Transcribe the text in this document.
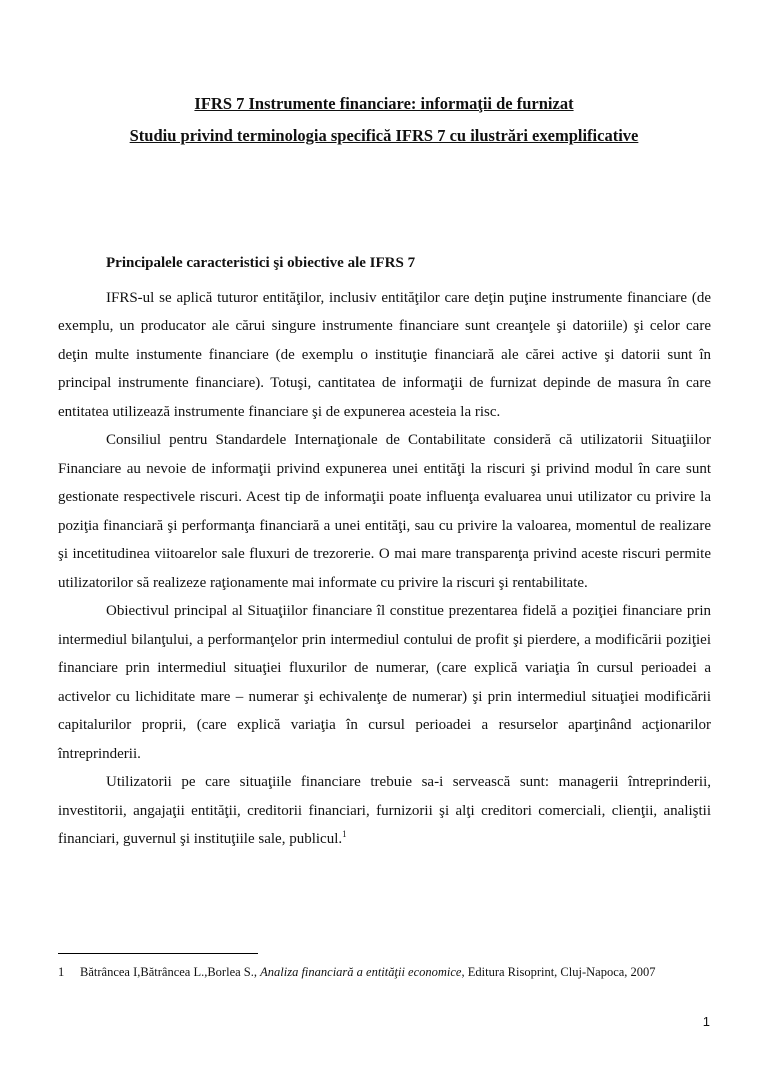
IFRS 7 Instrumente financiare: informaţii de furnizat
Studiu privind terminologia specifică IFRS 7 cu ilustrări exemplificative
Principalele caracteristici şi obiective ale IFRS 7

IFRS-ul se aplică tuturor entităţilor, inclusiv entităţilor care deţin puţine instrumente financiare (de exemplu, un producator ale cărui singure instrumente financiare sunt creanţele şi datoriile) şi celor care deţin multe instumente financiare (de exemplu o instituţie financiară ale cărei active şi datorii sunt în principal instrumente financiare). Totuşi, cantitatea de informaţii de furnizat depinde de masura în care entitatea utilizează instrumente financiare şi de expunerea acesteia la risc.

Consiliul pentru Standardele Internaţionale de Contabilitate consideră că utilizatorii Situaţiilor Financiare au nevoie de informaţii privind expunerea unei entităţi la riscuri şi privind modul în care sunt gestionate respectivele riscuri. Acest tip de informaţii poate influenţa evaluarea unui utilizator cu privire la poziţia financiară şi performanţa financiară a unei entităţi, sau cu privire la valoarea, momentul de realizare şi incetitudinea viitoarelor sale fluxuri de trezorerie. O mai mare transparenţa privind aceste riscuri permite utilizatorilor să realizeze raţionamente mai informate cu privire la riscuri şi rentabilitate.

Obiectivul principal al Situaţiilor financiare îl constitue prezentarea fidelă a poziţiei financiare prin intermediul bilanţului, a performanţelor prin intermediul contului de profit şi pierdere, a modificării poziţiei financiare prin intermediul situaţiei fluxurilor de numerar, (care explică variaţia în cursul perioadei a activelor cu lichiditate mare – numerar şi echivalenţe de numerar) şi prin intermediul situaţiei modificării capitalurilor proprii, (care explică variaţia în cursul perioadei a resurselor aparţinând acţionarilor întreprinderii.

Utilizatorii pe care situaţiile financiare trebuie sa-i servească sunt: managerii întreprinderii, investitorii, angajaţii entităţii, creditorii financiari, furnizorii şi alţi creditori comerciali, clienţii, analiştii financiari, guvernul şi instituţiile sale, publicul.$^1$

1 Bătrâncea I,Bătrâncea L.,Borlea S., Analiza financiară a entităţii economice, Editura Risoprint, Cluj-Napoca, 2007
1
